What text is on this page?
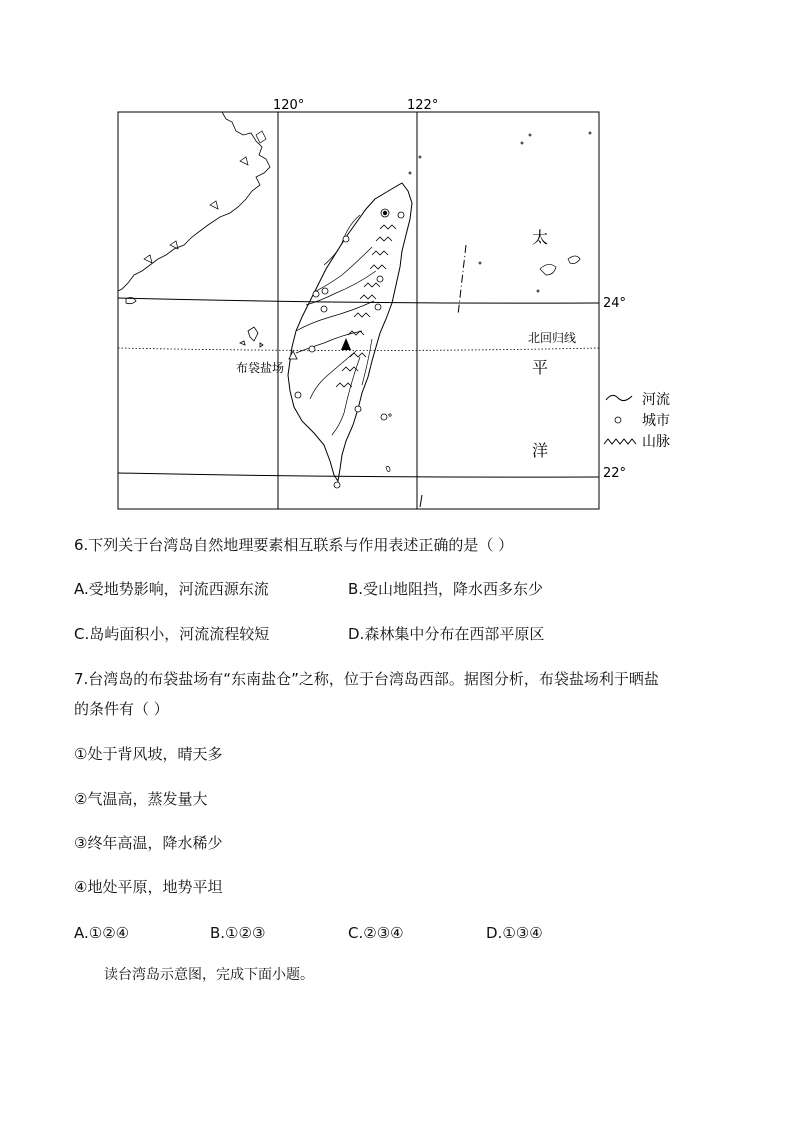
120°	122°
24°
22°
北回归线
太
平
洋
布袋盐场
河流
城市
山脉
6.下列关于台湾岛自然地理要素相互联系与作用表述正确的是（ ）
A.受地势影响，河流西源东流	B.受山地阻挡，降水西多东少
C.岛屿面积小，河流流程较短	D.森林集中分布在西部平原区
7.台湾岛的布袋盐场有“东南盐仓”之称，位于台湾岛西部。据图分析，布袋盐场利于晒盐
的条件有（ ）
①处于背风坡，晴天多
②气温高，蒸发量大
③终年高温，降水稀少
④地处平原，地势平坦
A.①②④	B.①②③	C.②③④	D.①③④
读台湾岛示意图，完成下面小题。
